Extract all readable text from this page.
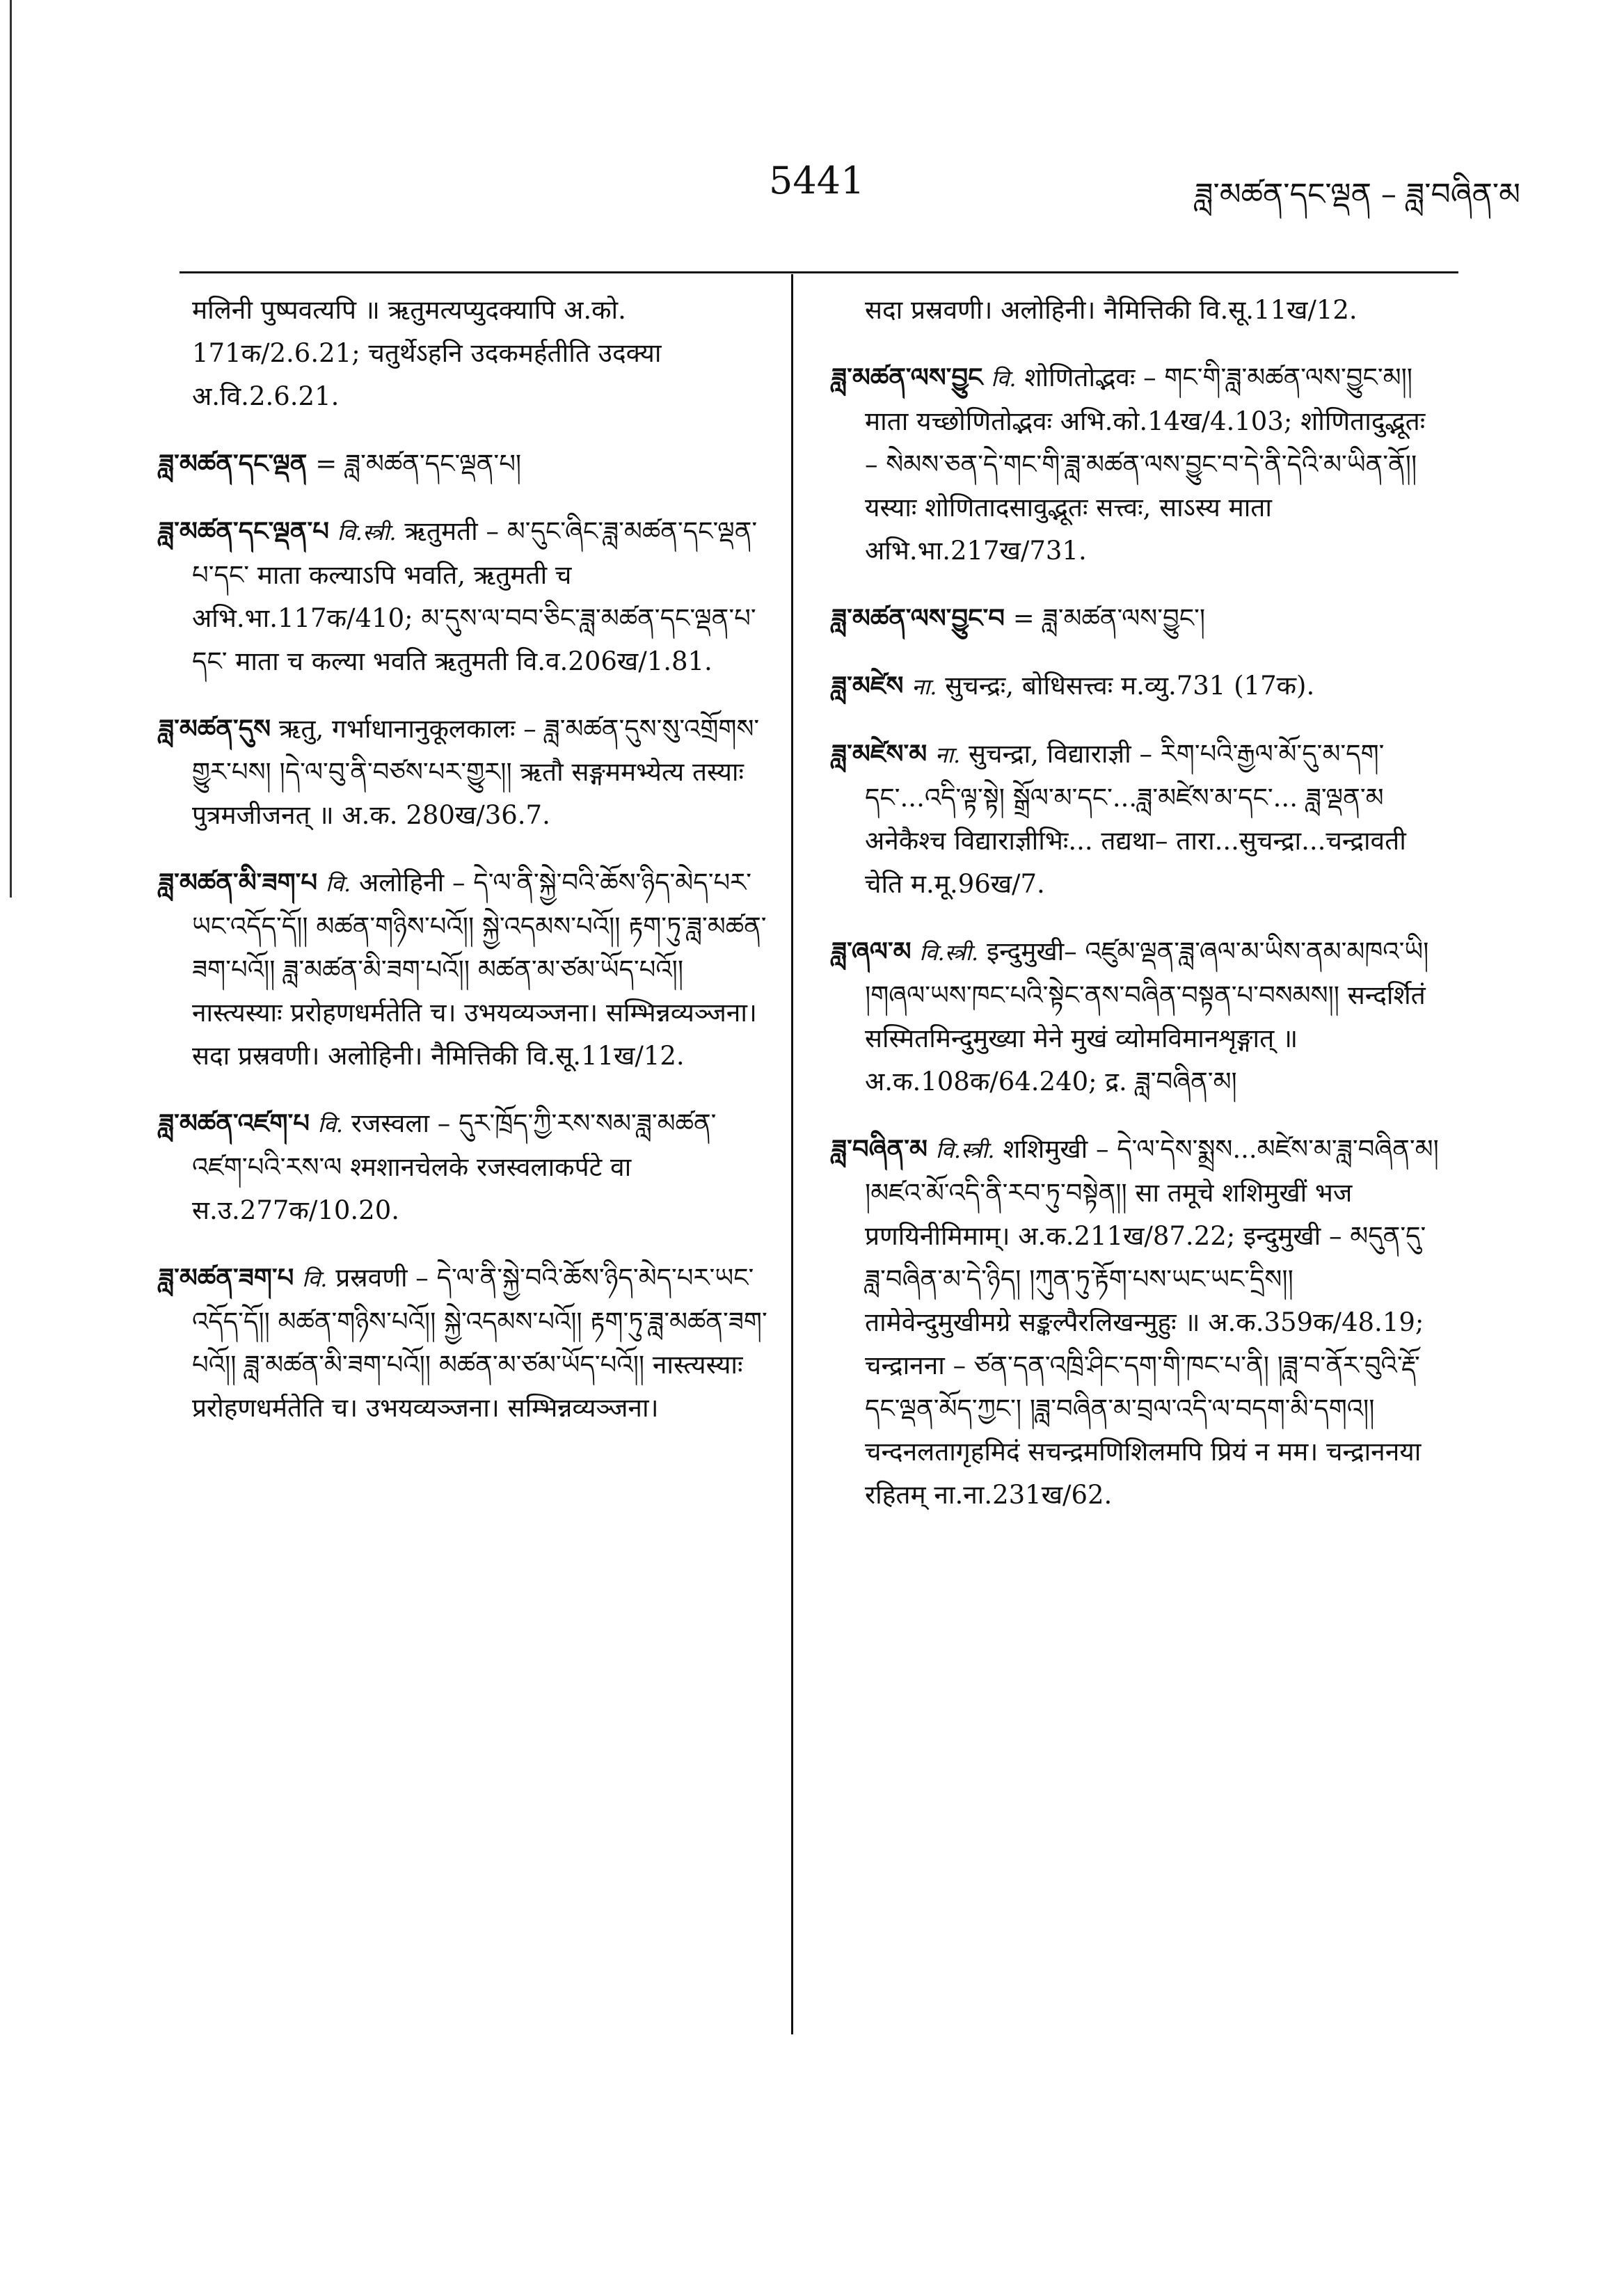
5441	ཟླ་མཚན་དང་ལྡན – ཟླ་བཞིན་མ

मलिनी पुष्पवत्यपि ॥ ऋतुमत्यप्युदक्यापि अ.को. 171क/2.6.21; चतुर्थेऽहनि उदकमर्हतीति उदक्या अ.वि.2.6.21.

ཟླ་མཚན་དང་ལྡན = ཟླ་མཚན་དང་ལྡན་པ།

ཟླ་མཚན་དང་ལྡན་པ वि.स्त्री. ऋतुमती – མ་དུང་ཞིང་ཟླ་མཚན་དང་ལྡན་པ་དང་ माता कल्याऽपि भवति, ऋतुमती च अभि.भा.117क/410; མ་དུས་ལ་བབ་ཅིང་ཟླ་མཚན་དང་ལྡན་པ་དང་ माता च कल्या भवति ऋतुमती वि.व.206ख/1.81.

ཟླ་མཚན་དུས ऋतु, गर्भाधानानुकूलकालः – ཟླ་མཚན་དུས་སུ་འགྲོགས་གྱུར་པས། །དེ་ལ་བུ་ནི་བཙས་པར་གྱུར།། ऋतौ सङ्गममभ्येत्य तस्याः पुत्रमजीजनत् ॥ अ.क. 280ख/36.7.

ཟླ་མཚན་མི་ཟག་པ वि. अलोहिनी – དེ་ལ་ནི་སྐྱེ་བའི་ཆོས་ཉིད་མེད་པར་ཡང་འདོད་དོ།། མཚན་གཉིས་པའོ།། སྐྱེ་འདམས་པའོ།། རྟག་ཏུ་ཟླ་མཚན་ཟག་པའོ།། ཟླ་མཚན་མི་ཟག་པའོ།། མཚན་མ་ཙམ་ཡོད་པའོ།། नास्त्यस्याः प्ररोहणधर्मतेति च। उभयव्यञ्जना। सम्भिन्नव्यञ्जना। सदा प्रस्रवणी। अलोहिनी। नैमित्तिकी वि.सू.11ख/12.

ཟླ་མཚན་འཛག་པ वि. रजस्वला – དུར་ཁྲོད་ཀྱི་རས་སམ་ཟླ་མཚན་འཛག་པའི་རས་ལ श्मशानचेलके रजस्वलाकर्पटे वा स.उ.277क/10.20.

ཟླ་མཚན་ཟག་པ वि. प्रस्रवणी – དེ་ལ་ནི་སྐྱེ་བའི་ཆོས་ཉིད་མེད་པར་ཡང་འདོད་དོ།། མཚན་གཉིས་པའོ།། སྐྱེ་འདམས་པའོ།། རྟག་ཏུ་ཟླ་མཚན་ཟག་པའོ།། ཟླ་མཚན་མི་ཟག་པའོ།། མཚན་མ་ཙམ་ཡོད་པའོ།། नास्त्यस्याः प्ररोहणधर्मतेति च। उभयव्यञ्जना। सम्भिन्नव्यञ्जना।

सदा प्रस्रवणी। अलोहिनी। नैमित्तिकी वि.सू.11ख/12.

ཟླ་མཚན་ལས་བྱུང वि. शोणितोद्भवः – གང་གི་ཟླ་མཚན་ལས་བྱུང་མ།། माता यच्छोणितोद्भवः अभि.को.14ख/4.103; शोणितादुद्भूतः – སེམས་ཅན་དེ་གང་གི་ཟླ་མཚན་ལས་བྱུང་བ་དེ་ནི་དེའི་མ་ཡིན་ནོ།། यस्याः शोणितादसावुद्भूतः सत्त्वः, साऽस्य माता अभि.भा.217ख/731.

ཟླ་མཚན་ལས་བྱུང་བ = ཟླ་མཚན་ལས་བྱུང་།

ཟླ་མཛེས ना. सुचन्द्रः, बोधिसत्त्वः म.व्यु.731 (17क).

ཟླ་མཛེས་མ ना. सुचन्द्रा, विद्याराज्ञी – རིག་པའི་རྒྱལ་མོ་དུ་མ་དག་དང་...འདི་ལྟ་སྟེ། སྒྲོལ་མ་དང་...ཟླ་མཛེས་མ་དང་... ཟླ་ལྡན་མ अनेकैश्च विद्याराज्ञीभिः... तद्यथा– तारा...सुचन्द्रा...चन्द्रावती चेति म.मू.96ख/7.

ཟླ་ཞལ་མ वि.स्त्री. इन्दुमुखी– འཛུམ་ལྡན་ཟླ་ཞལ་མ་ཡིས་ནམ་མཁའ་ཡི། །གཞལ་ཡས་ཁང་པའི་སྟེང་ནས་བཞིན་བསྟན་པ་བསམས།། सन्दर्शितं सस्मितमिन्दुमुख्या मेने मुखं व्योमविमानशृङ्गात् ॥ अ.क.108क/64.240; द्र. ཟླ་བཞིན་མ།

ཟླ་བཞིན་མ वि.स्त्री. शशिमुखी – དེ་ལ་དེས་སྨྲས...མཛེས་མ་ཟླ་བཞིན་མ། །མཛའ་མོ་འདི་ནི་རབ་ཏུ་བསྟེན།། सा तमूचे शशिमुखीं भज प्रणयिनीमिमाम्। अ.क.211ख/87.22; इन्दुमुखी – མདུན་དུ་ཟླ་བཞིན་མ་དེ་ཉིད། །ཀུན་ཏུ་རྟོག་པས་ཡང་ཡང་དྲིས།། तामेवेन्दुमुखीमग्रे सङ्कल्पैरलिखन्मुहुः ॥ अ.क.359क/48.19; चन्द्रानना – ཙན་དན་འཁྲི་ཤིང་དག་གི་ཁང་པ་ནི། །ཟླ་བ་ནོར་བུའི་རྡོ་དང་ལྡན་མོད་ཀྱང་། །ཟླ་བཞིན་མ་བྲལ་འདི་ལ་བདག་མི་དགའ།། चन्दनलतागृहमिदं सचन्द्रमणिशिलमपि प्रियं न मम। चन्द्राननया रहितम् ना.ना.231ख/62.
